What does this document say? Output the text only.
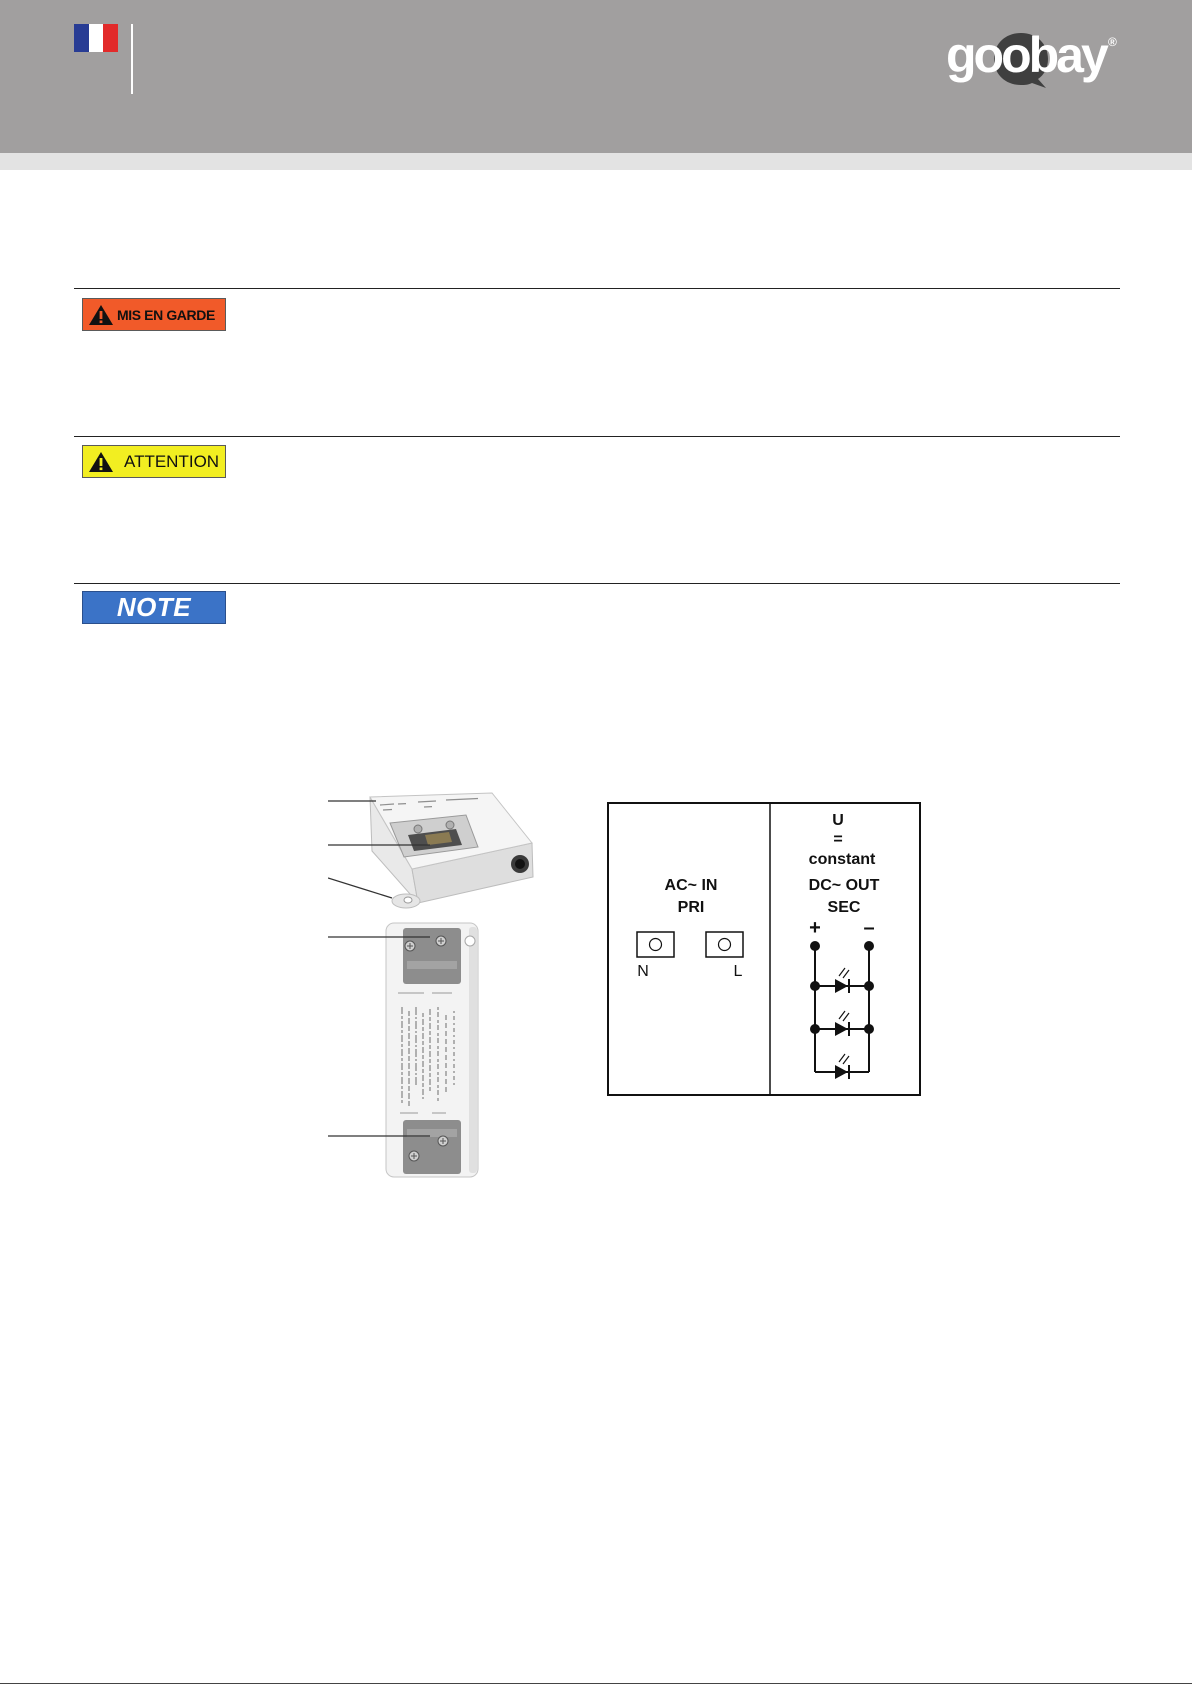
goobay ®
MIS EN GARDE
ATTENTION
NOTE
U
=
constant
AC~ IN
PRI
DC~ OUT
SEC
+ –
N	L
